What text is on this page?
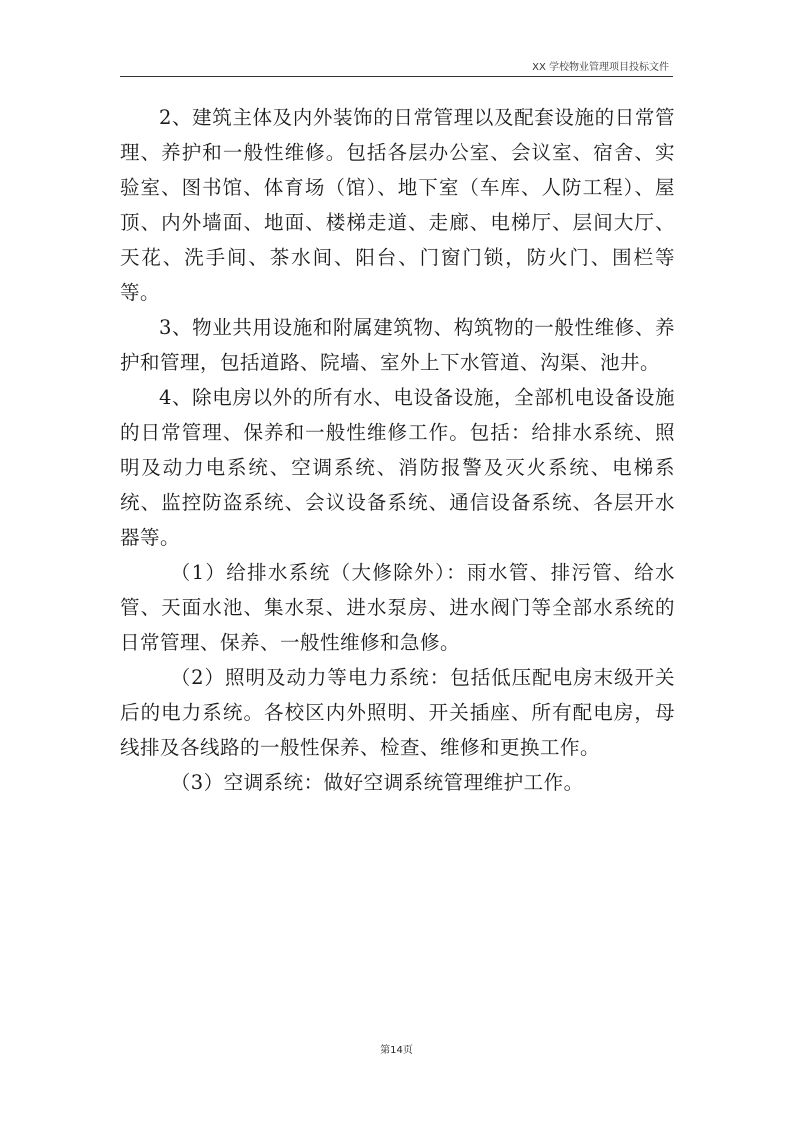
XX 学校物业管理项目投标文件

2、建筑主体及内外装饰的日常管理以及配套设施的日常管理、养护和一般性维修。包括各层办公室、会议室、宿舍、实验室、图书馆、体育场（馆）、地下室（车库、人防工程）、屋顶、内外墙面、地面、楼梯走道、走廊、电梯厅、层间大厅、天花、洗手间、茶水间、阳台、门窗门锁，防火门、围栏等等。

3、物业共用设施和附属建筑物、构筑物的一般性维修、养护和管理，包括道路、院墙、室外上下水管道、沟渠、池井。

4、除电房以外的所有水、电设备设施，全部机电设备设施的日常管理、保养和一般性维修工作。包括：给排水系统、照明及动力电系统、空调系统、消防报警及灭火系统、电梯系统、监控防盗系统、会议设备系统、通信设备系统、各层开水器等。

（1）给排水系统（大修除外）：雨水管、排污管、给水管、天面水池、集水泵、进水泵房、进水阀门等全部水系统的日常管理、保养、一般性维修和急修。

（2）照明及动力等电力系统：包括低压配电房末级开关后的电力系统。各校区内外照明、开关插座、所有配电房，母线排及各线路的一般性保养、检查、维修和更换工作。

（3）空调系统：做好空调系统管理维护工作。

第14页
